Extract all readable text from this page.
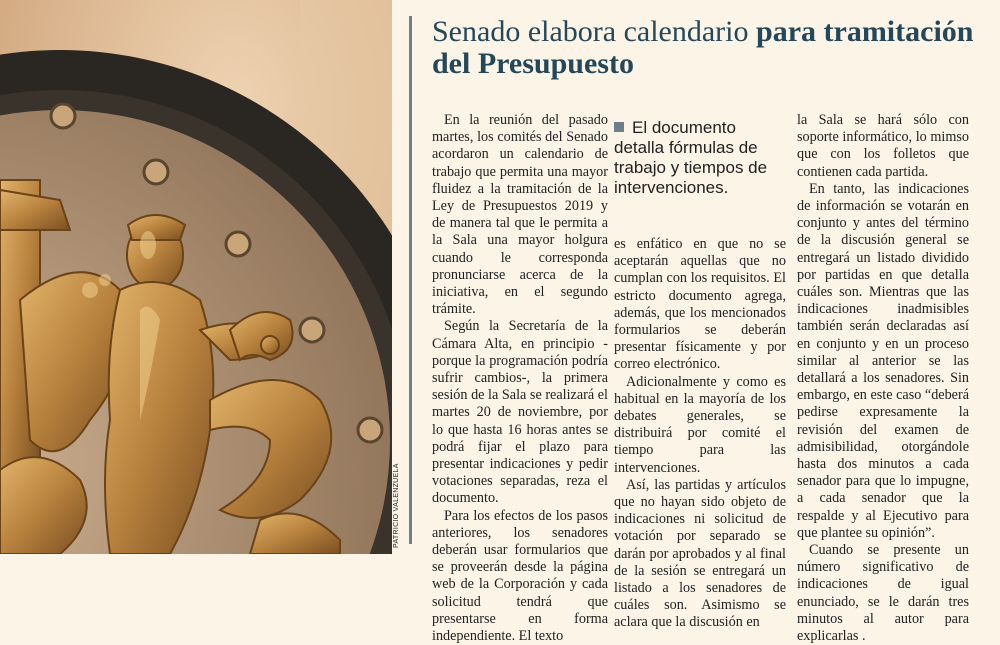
PATRICIO VALENZUELA
Senado elabora calendario para tramitación del Presupuesto

En la reunión del pasado martes, los comités del Senado acordaron un calendario de trabajo que permita una mayor fluidez a la tramitación de la Ley de Presupuestos 2019 y de manera tal que le permita a la Sala una mayor holgura cuando le corresponda pronunciarse acerca de la iniciativa, en el segundo trámite.

Según la Secretaría de la Cámara Alta, en principio -porque la programación podría sufrir cambios-, la primera sesión de la Sala se realizará el martes 20 de noviembre, por lo que hasta 16 horas antes se podrá fijar el plazo para presentar indicaciones y pedir votaciones separadas, reza el documento.

Para los efectos de los pasos anteriores, los senadores deberán usar formularios que se proveerán desde la página web de la Corporación y cada solicitud tendrá que presentarse en forma independiente. El texto

El documento detalla fórmulas de trabajo y tiempos de intervenciones.

es enfático en que no se aceptarán aquellas que no cumplan con los requisitos. El estricto documento agrega, además, que los mencionados formularios se deberán presentar físicamente y por correo electrónico.

Adicionalmente y como es habitual en la mayoría de los debates generales, se distribuirá por comité el tiempo para las intervenciones.

Así, las partidas y artículos que no hayan sido objeto de indicaciones ni solicitud de votación por separado se darán por aprobados y al final de la sesión se entregará un listado a los senadores de cuáles son. Asimismo se aclara que la discusión en

la Sala se hará sólo con soporte informático, lo mimso que con los folletos que contienen cada partida.

En tanto, las indicaciones de información se votarán en conjunto y antes del término de la discusión general se entregará un listado dividido por partidas en que detalla cuáles son. Mientras que las indicaciones inadmisibles también serán declaradas así en conjunto y en un proceso similar al anterior se las detallará a los senadores. Sin embargo, en este caso “deberá pedirse expresamente la revisión del examen de admisibilidad, otorgándole hasta dos minutos a cada senador para que lo impugne, a cada senador que la respalde y al Ejecutivo para que plantee su opinión”.

Cuando se presente un número significativo de indicaciones de igual enunciado, se le darán tres minutos al autor para explicarlas .
